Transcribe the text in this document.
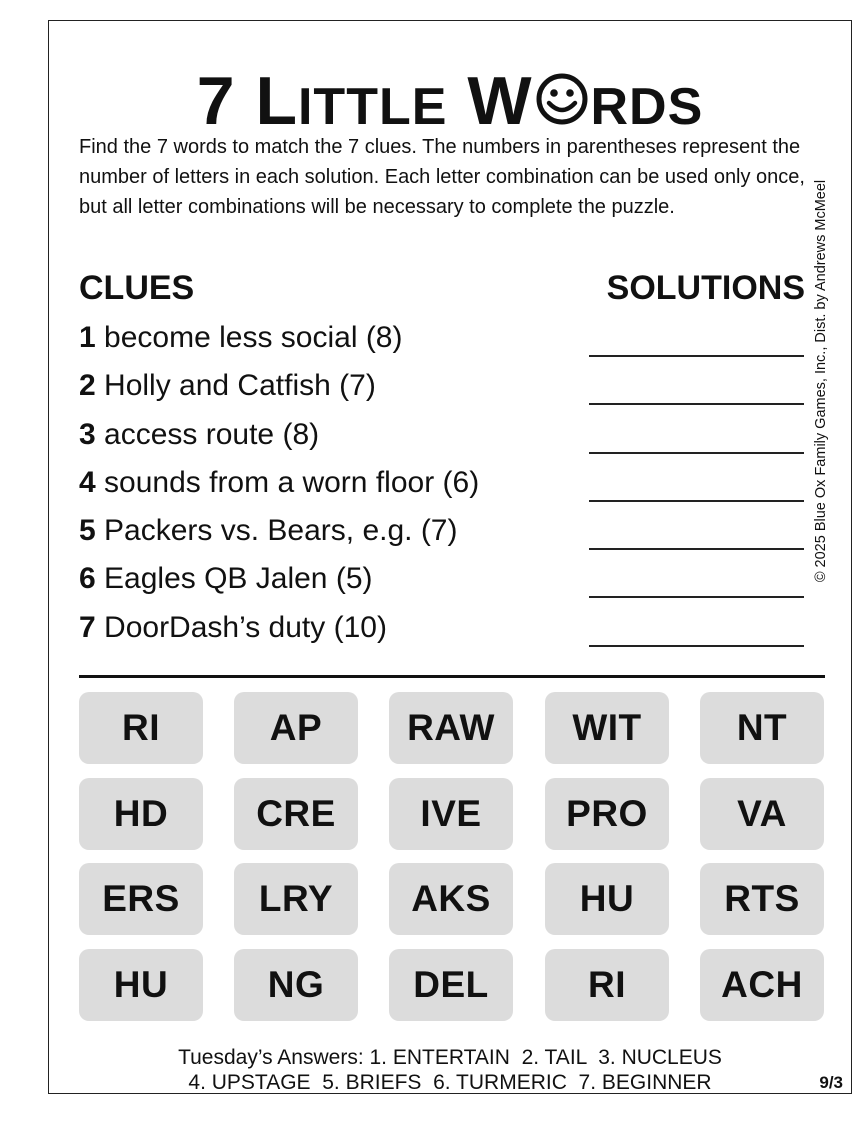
7 LITTLE W RDS
Find the 7 words to match the 7 clues. The numbers in parentheses represent the number of letters in each solution. Each letter combination can be used only once, but all letter combinations will be necessary to complete the puzzle.	© 2025 Blue Ox Family Games, Inc., Dist. by Andrews McMeel
CLUES	SOLUTIONS
1 become less social (8)
2 Holly and Catfish (7)
3 access route (8)
4 sounds from a worn floor (6)
5 Packers vs. Bears, e.g. (7)
6 Eagles QB Jalen (5)
7 DoorDash’s duty (10)
RI	AP	RAW	WIT	NT
HD	CRE	IVE	PRO	VA
ERS	LRY	AKS	HU	RTS
HU	NG	DEL	RI	ACH
Tuesday’s Answers: 1. ENTERTAIN  2. TAIL  3. NUCLEUS
4. UPSTAGE  5. BRIEFS  6. TURMERIC  7. BEGINNER	9/3
